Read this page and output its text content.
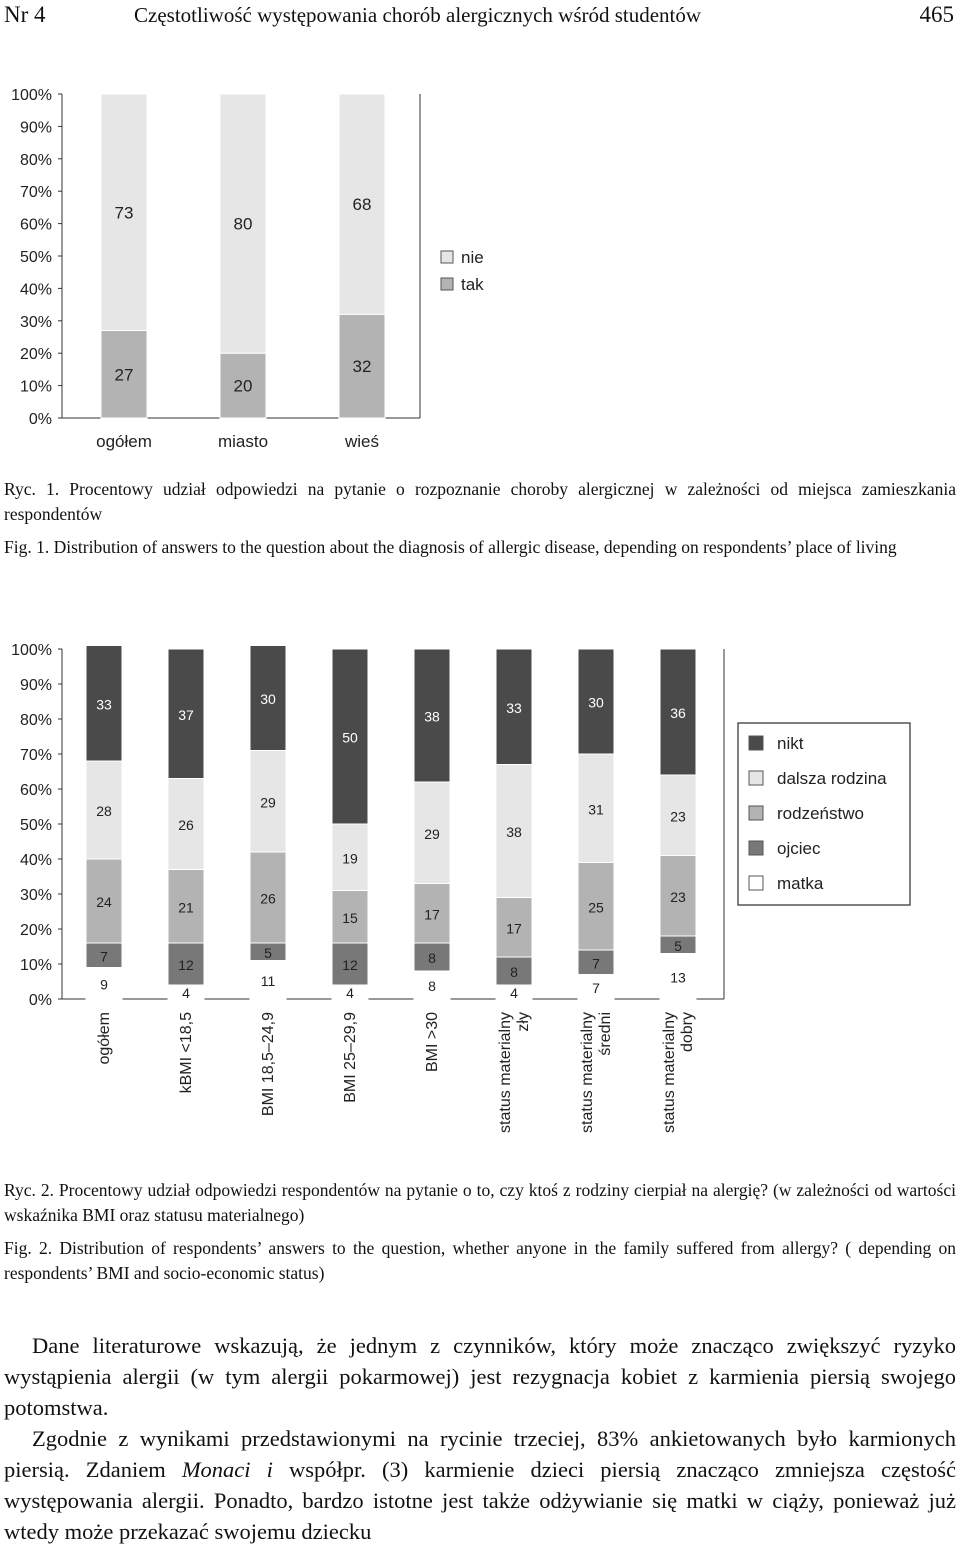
Nr 4	Częstotliwość występowania chorób alergicznych wśród studentów	465
0%
10%
20%
30%
40%
50%
60%
70%
80%
90%
100%
27
73
ogółem
20
80
miasto
32
68
wieś
nie
tak
Ryc. 1. Procentowy udział odpowiedzi na pytanie o rozpoznanie choroby alergicznej w zależności od miejsca zamieszkania respondentów
Fig. 1. Distribution of answers to the question about the diagnosis of allergic disease, depending on respondents’ place of living
0%
10%
20%
30%
40%
50%
60%
70%
80%
90%
100%
9
7
24
28
33
ogółem
4
12
21
26
37
kBMI <18,5
11
5
26
29
30
BMI 18,5–24,9
4
12
15
19
50
BMI 25–29,9
8
8
17
29
38
BMI >30
4
8
17
38
33
status materialny zły
7
7
25
31
30
status materialny średni
13
5
23
23
36
status materialny dobry
nikt
dalsza rodzina
rodzeństwo
ojciec
matka
Ryc. 2. Procentowy udział odpowiedzi respondentów na pytanie o to, czy ktoś z rodziny cierpiał na alergię? (w zależności od wartości wskaźnika BMI oraz statusu materialnego)
Fig. 2. Distribution of respondents’ answers to the question, whether anyone in the family suffered from allergy? ( depending on respondents’ BMI and socio-economic status)

Dane literaturowe wskazują, że jednym z czynników, który może znacząco zwiększyć ryzyko wystąpienia alergii (w tym alergii pokarmowej) jest rezygnacja kobiet z karmienia piersią swojego potomstwa.

Zgodnie z wynikami przedstawionymi na rycinie trzeciej, 83% ankietowanych było karmionych piersią. Zdaniem Monaci i współpr. (3) karmienie dzieci piersią znacząco zmniejsza częstość występowania alergii. Ponadto, bardzo istotne jest także odżywianie się matki w ciąży, ponieważ już wtedy może przekazać swojemu dziecku
